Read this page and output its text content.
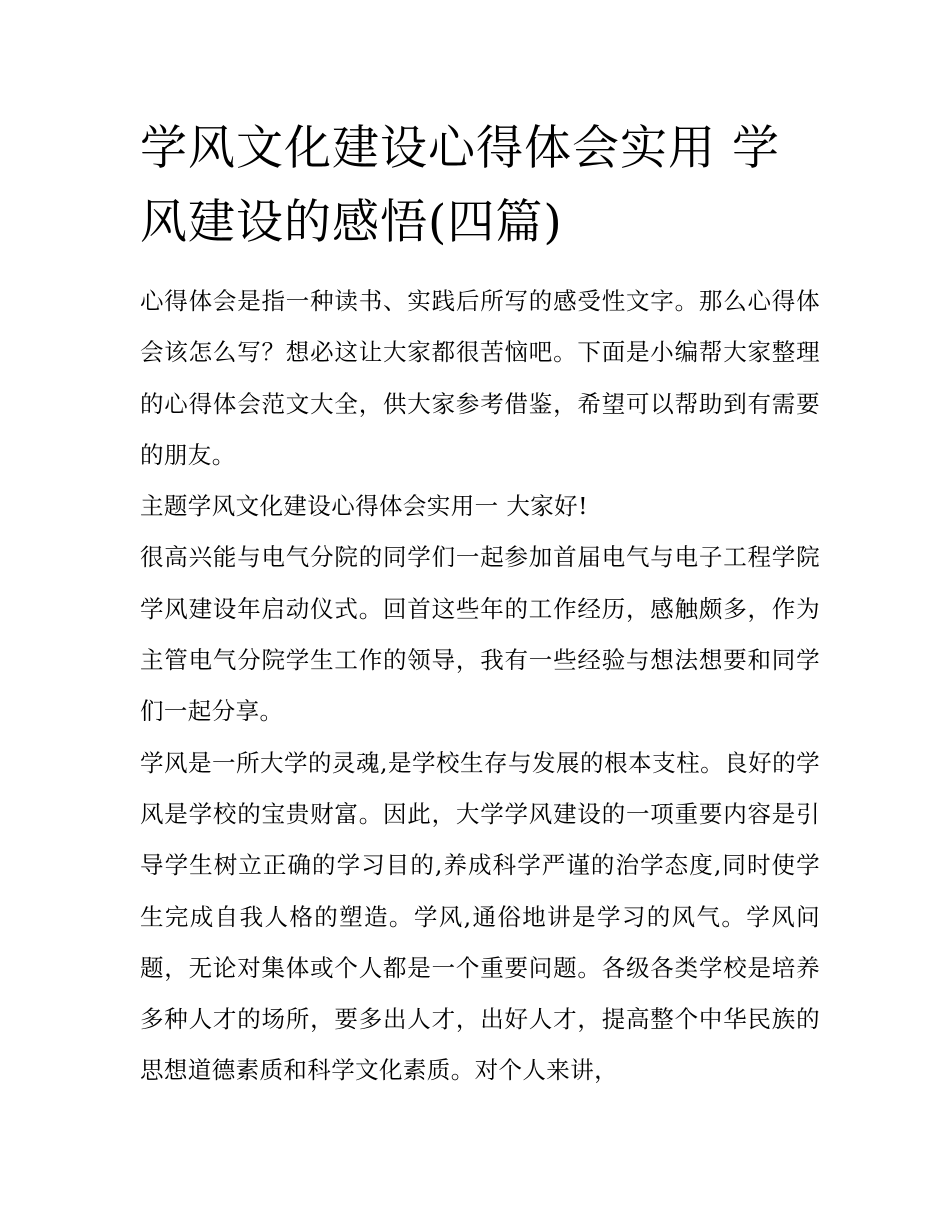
学风文化建设心得体会实用 学风建设的感悟(四篇)

心得体会是指一种读书、实践后所写的感受性文字。那么心得体会该怎么写？想必这让大家都很苦恼吧。下面是小编帮大家整理的心得体会范文大全，供大家参考借鉴，希望可以帮助到有需要的朋友。

主题学风文化建设心得体会实用一 大家好!

很高兴能与电气分院的同学们一起参加首届电气与电子工程学院学风建设年启动仪式。回首这些年的工作经历，感触颇多，作为主管电气分院学生工作的领导，我有一些经验与想法想要和同学们一起分享。

学风是一所大学的灵魂,是学校生存与发展的根本支柱。良好的学风是学校的宝贵财富。因此，大学学风建设的一项重要内容是引导学生树立正确的学习目的,养成科学严谨的治学态度,同时使学生完成自我人格的塑造。学风,通俗地讲是学习的风气。学风问题，无论对集体或个人都是一个重要问题。各级各类学校是培养多种人才的场所，要多出人才，出好人才，提高整个中华民族的思想道德素质和科学文化素质。对个人来讲，
